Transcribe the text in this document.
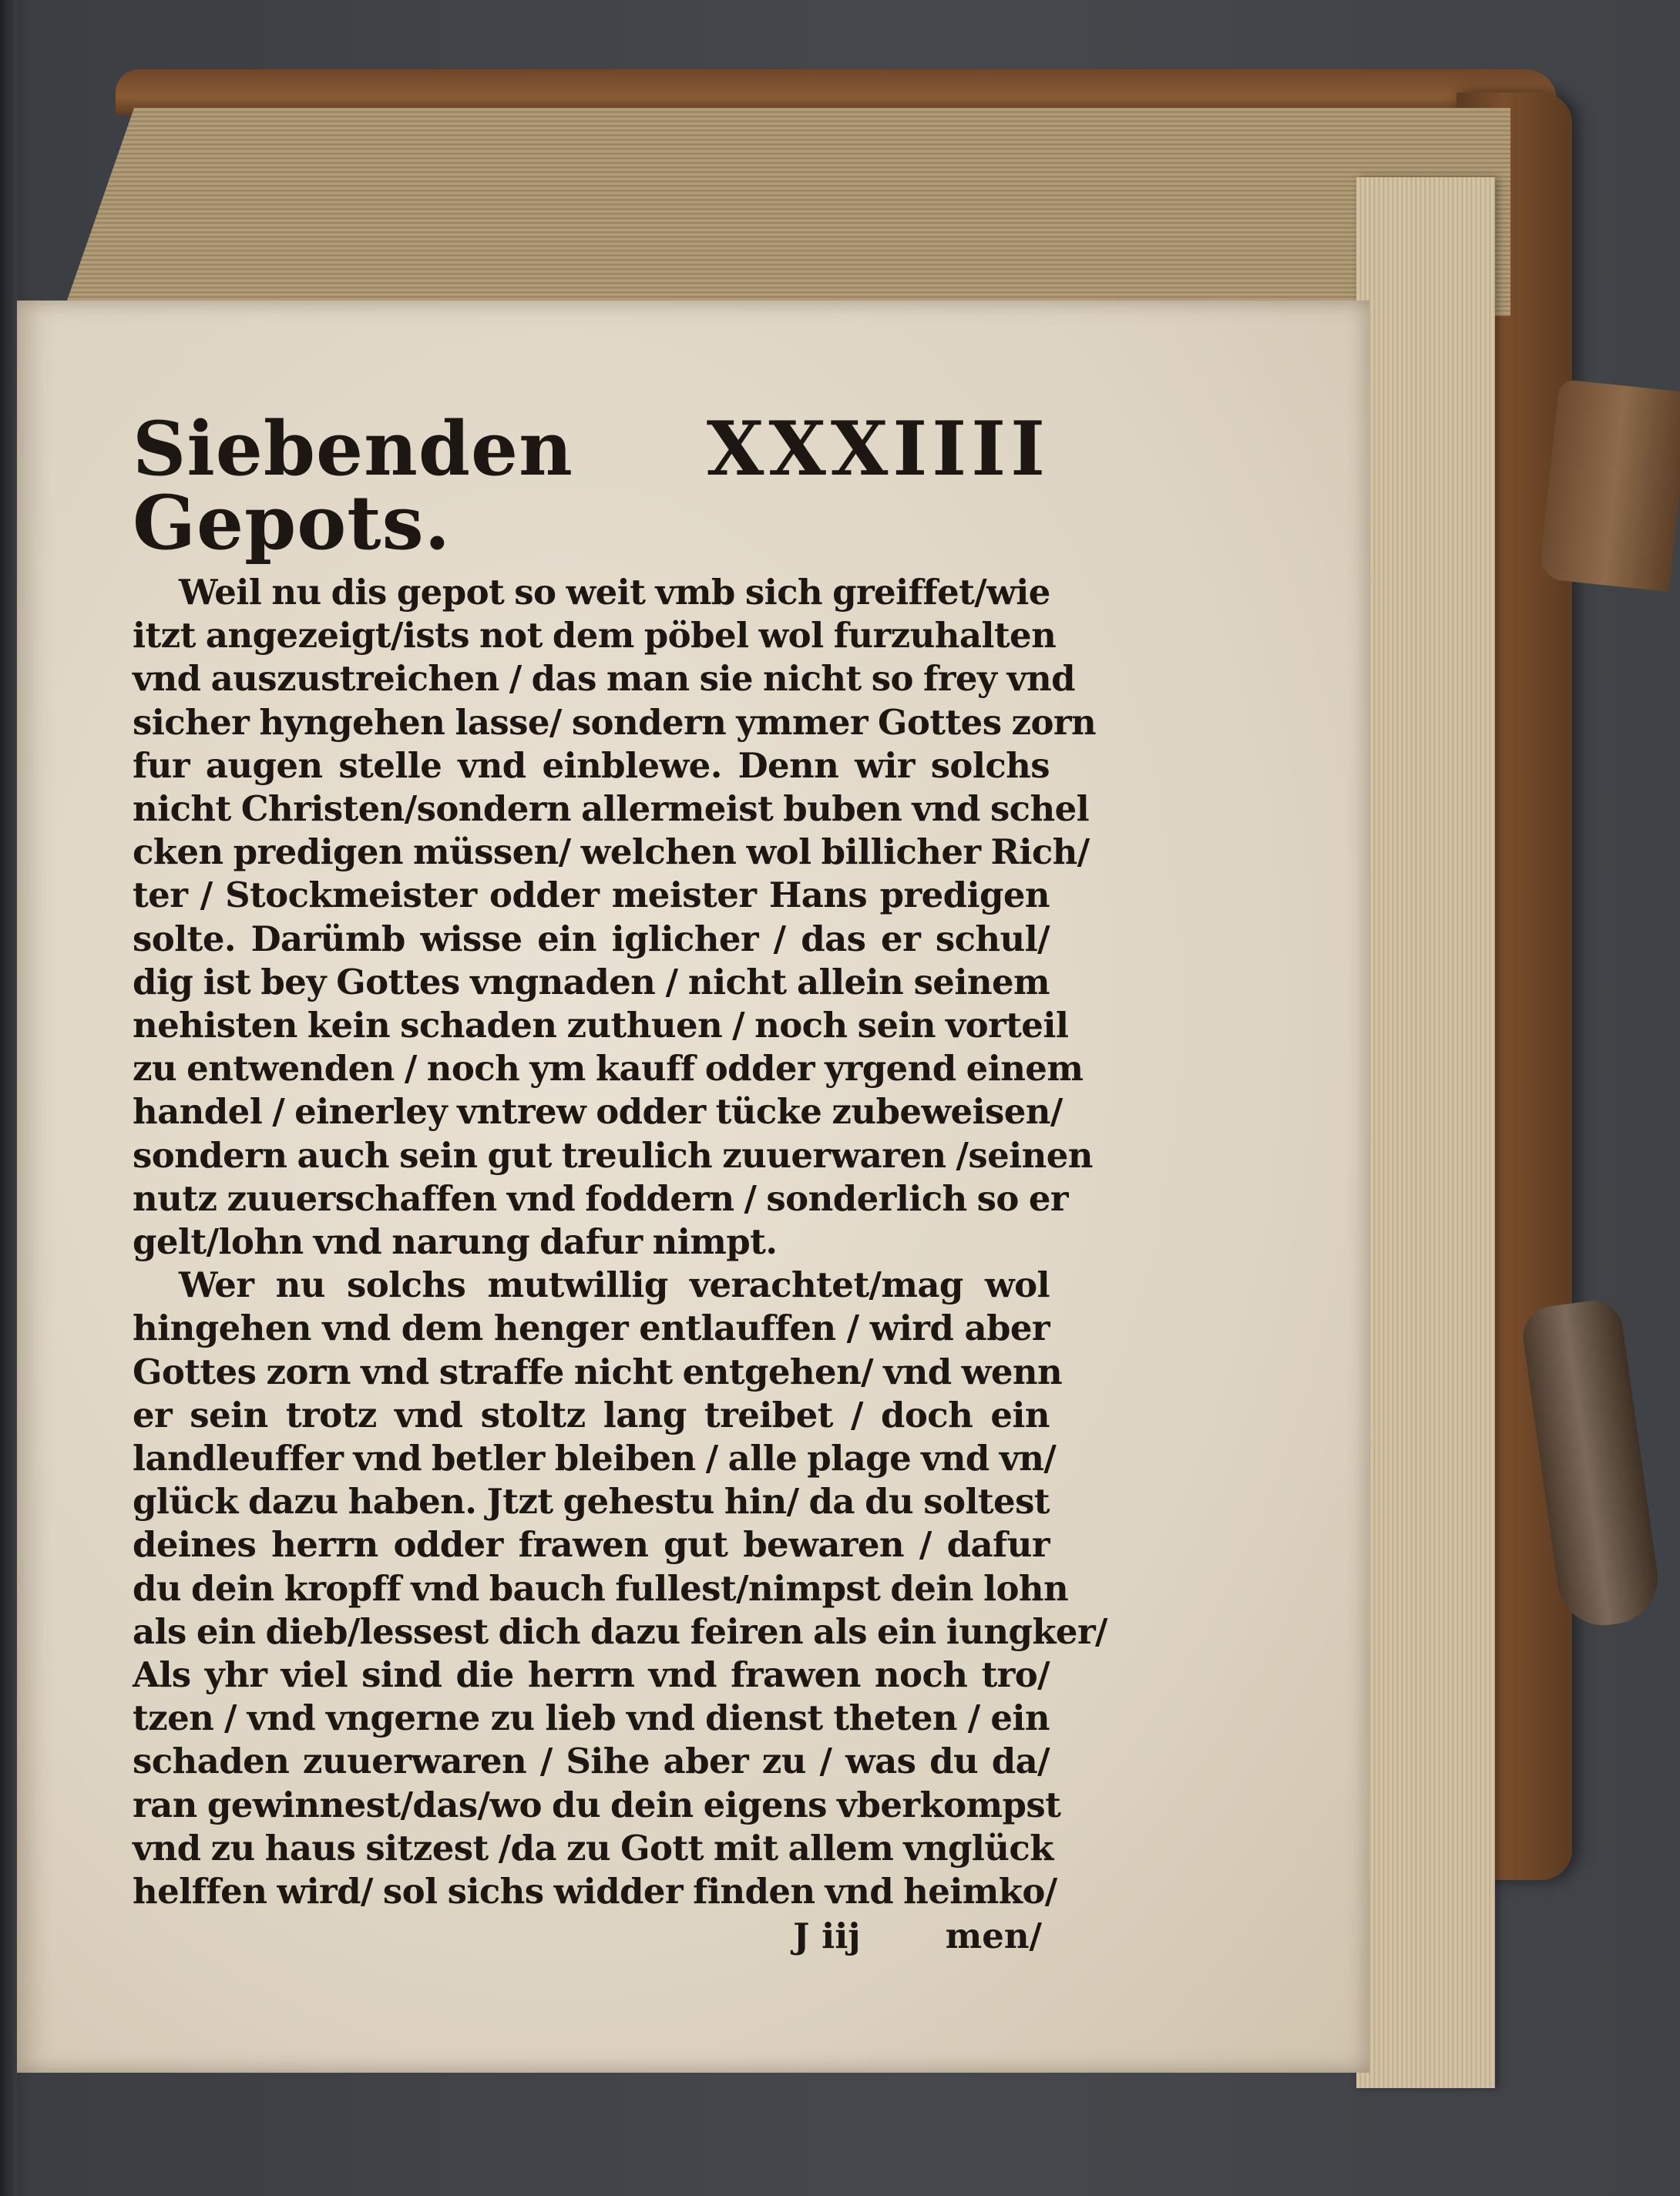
Siebenden Gepots.
XXXIIII
Weil nu dis gepot so weit vmb sich greiffet/wie
itzt angezeigt/ists not dem pöbel wol furzuhalten
vnd auszustreichen / das man sie nicht so frey vnd
sicher hyngehen lasse/ sondern ymmer Gottes zorn
fur augen stelle vnd einblewe. Denn wir solchs
nicht Christen/sondern allermeist buben vnd schel
cken predigen müssen/ welchen wol billicher Rich/
ter / Stockmeister odder meister Hans predigen
solte. Darümb wisse ein iglicher / das er schul/
dig ist bey Gottes vngnaden / nicht allein seinem
nehisten kein schaden zuthuen / noch sein vorteil
zu entwenden / noch ym kauff odder yrgend einem
handel / einerley vntrew odder tücke zubeweisen/
sondern auch sein gut treulich zuuerwaren /seinen
nutz zuuerschaffen vnd foddern / sonderlich so er
gelt/lohn vnd narung dafur nimpt.
Wer nu solchs mutwillig verachtet/mag wol
hingehen vnd dem henger entlauffen / wird aber
Gottes zorn vnd straffe nicht entgehen/ vnd wenn
er sein trotz vnd stoltz lang treibet / doch ein
landleuffer vnd betler bleiben / alle plage vnd vn/
glück dazu haben. Jtzt gehestu hin/ da du soltest
deines herrn odder frawen gut bewaren / dafur
du dein kropff vnd bauch fullest/nimpst dein lohn
als ein dieb/lessest dich dazu feiren als ein iungker/
Als yhr viel sind die herrn vnd frawen noch tro/
tzen / vnd vngerne zu lieb vnd dienst theten / ein
schaden zuuerwaren / Sihe aber zu / was du da/
ran gewinnest/das/wo du dein eigens vberkompst
vnd zu haus sitzest /da zu Gott mit allem vnglück
helffen wird/ sol sichs widder finden vnd heimko/
J iij men/
